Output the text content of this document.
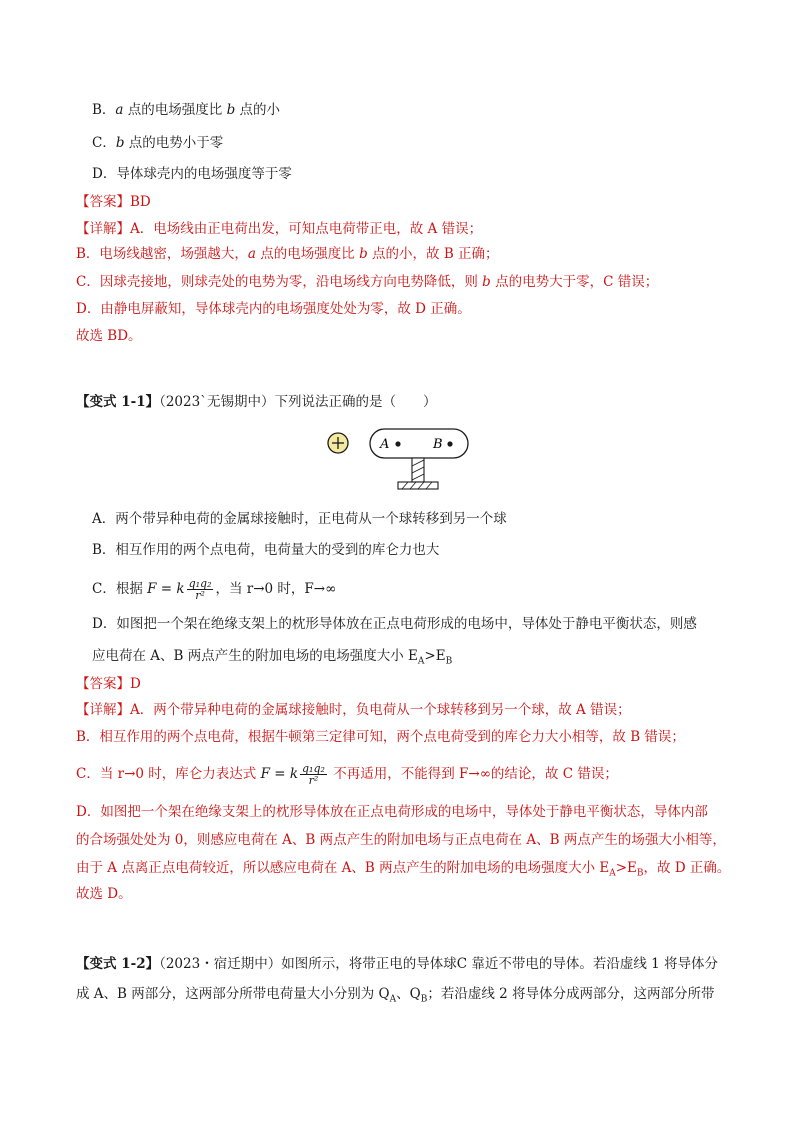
B．a 点的电场强度比 b 点的小
C．b 点的电势小于零
D．导体球壳内的电场强度等于零
【答案】BD
【详解】A．电场线由正电荷出发，可知点电荷带正电，故 A 错误；
B．电场线越密，场强越大，a 点的电场强度比 b 点的小，故 B 正确；
C．因球壳接地，则球壳处的电势为零，沿电场线方向电势降低，则 b 点的电势大于零，C 错误；
D．由静电屏蔽知，导体球壳内的电场强度处处为零，故 D 正确。
故选 BD。
【变式 1-1】（2023`无锡期中）下列说法正确的是（　　）
A	B
A．两个带异种电荷的金属球接触时，正电荷从一个球转移到另一个球
B．相互作用的两个点电荷，电荷量大的受到的库仑力也大
C．根据 F = k $\frac{\text{q₁q₂}}{\text{r²}}$ ，当 r→0 时，F→∞
D．如图把一个架在绝缘支架上的枕形导体放在正点电荷形成的电场中，导体处于静电平衡状态，则感
应电荷在 A、B 两点产生的附加电场的电场强度大小 $E_A>E_B$
【答案】D
【详解】A．两个带异种电荷的金属球接触时，负电荷从一个球转移到另一个球，故 A 错误；
B．相互作用的两个点电荷，根据牛顿第三定律可知，两个点电荷受到的库仑力大小相等，故 B 错误；
C．当 r→0 时，库仑力表达式 F = k $\frac{\text{q₁q₂}}{\text{r²}}$ 不再适用，不能得到 F→∞的结论，故 C 错误；
D．如图把一个架在绝缘支架上的枕形导体放在正点电荷形成的电场中，导体处于静电平衡状态，导体内部
的合场强处处为 0，则感应电荷在 A、B 两点产生的附加电场与正点电荷在 A、B 两点产生的场强大小相等，
由于 A 点离正点电荷较近，所以感应电荷在 A、B 两点产生的附加电场的电场强度大小 $E_A>E_B$，故 D 正确。
故选 D。
【变式 1-2】（2023・宿迁期中）如图所示，将带正电的导体球C 靠近不带电的导体。若沿虚线 1 将导体分
成 A、B 两部分，这两部分所带电荷量大小分别为 $Q_A$、$Q_B$；若沿虚线 2 将导体分成两部分，这两部分所带
